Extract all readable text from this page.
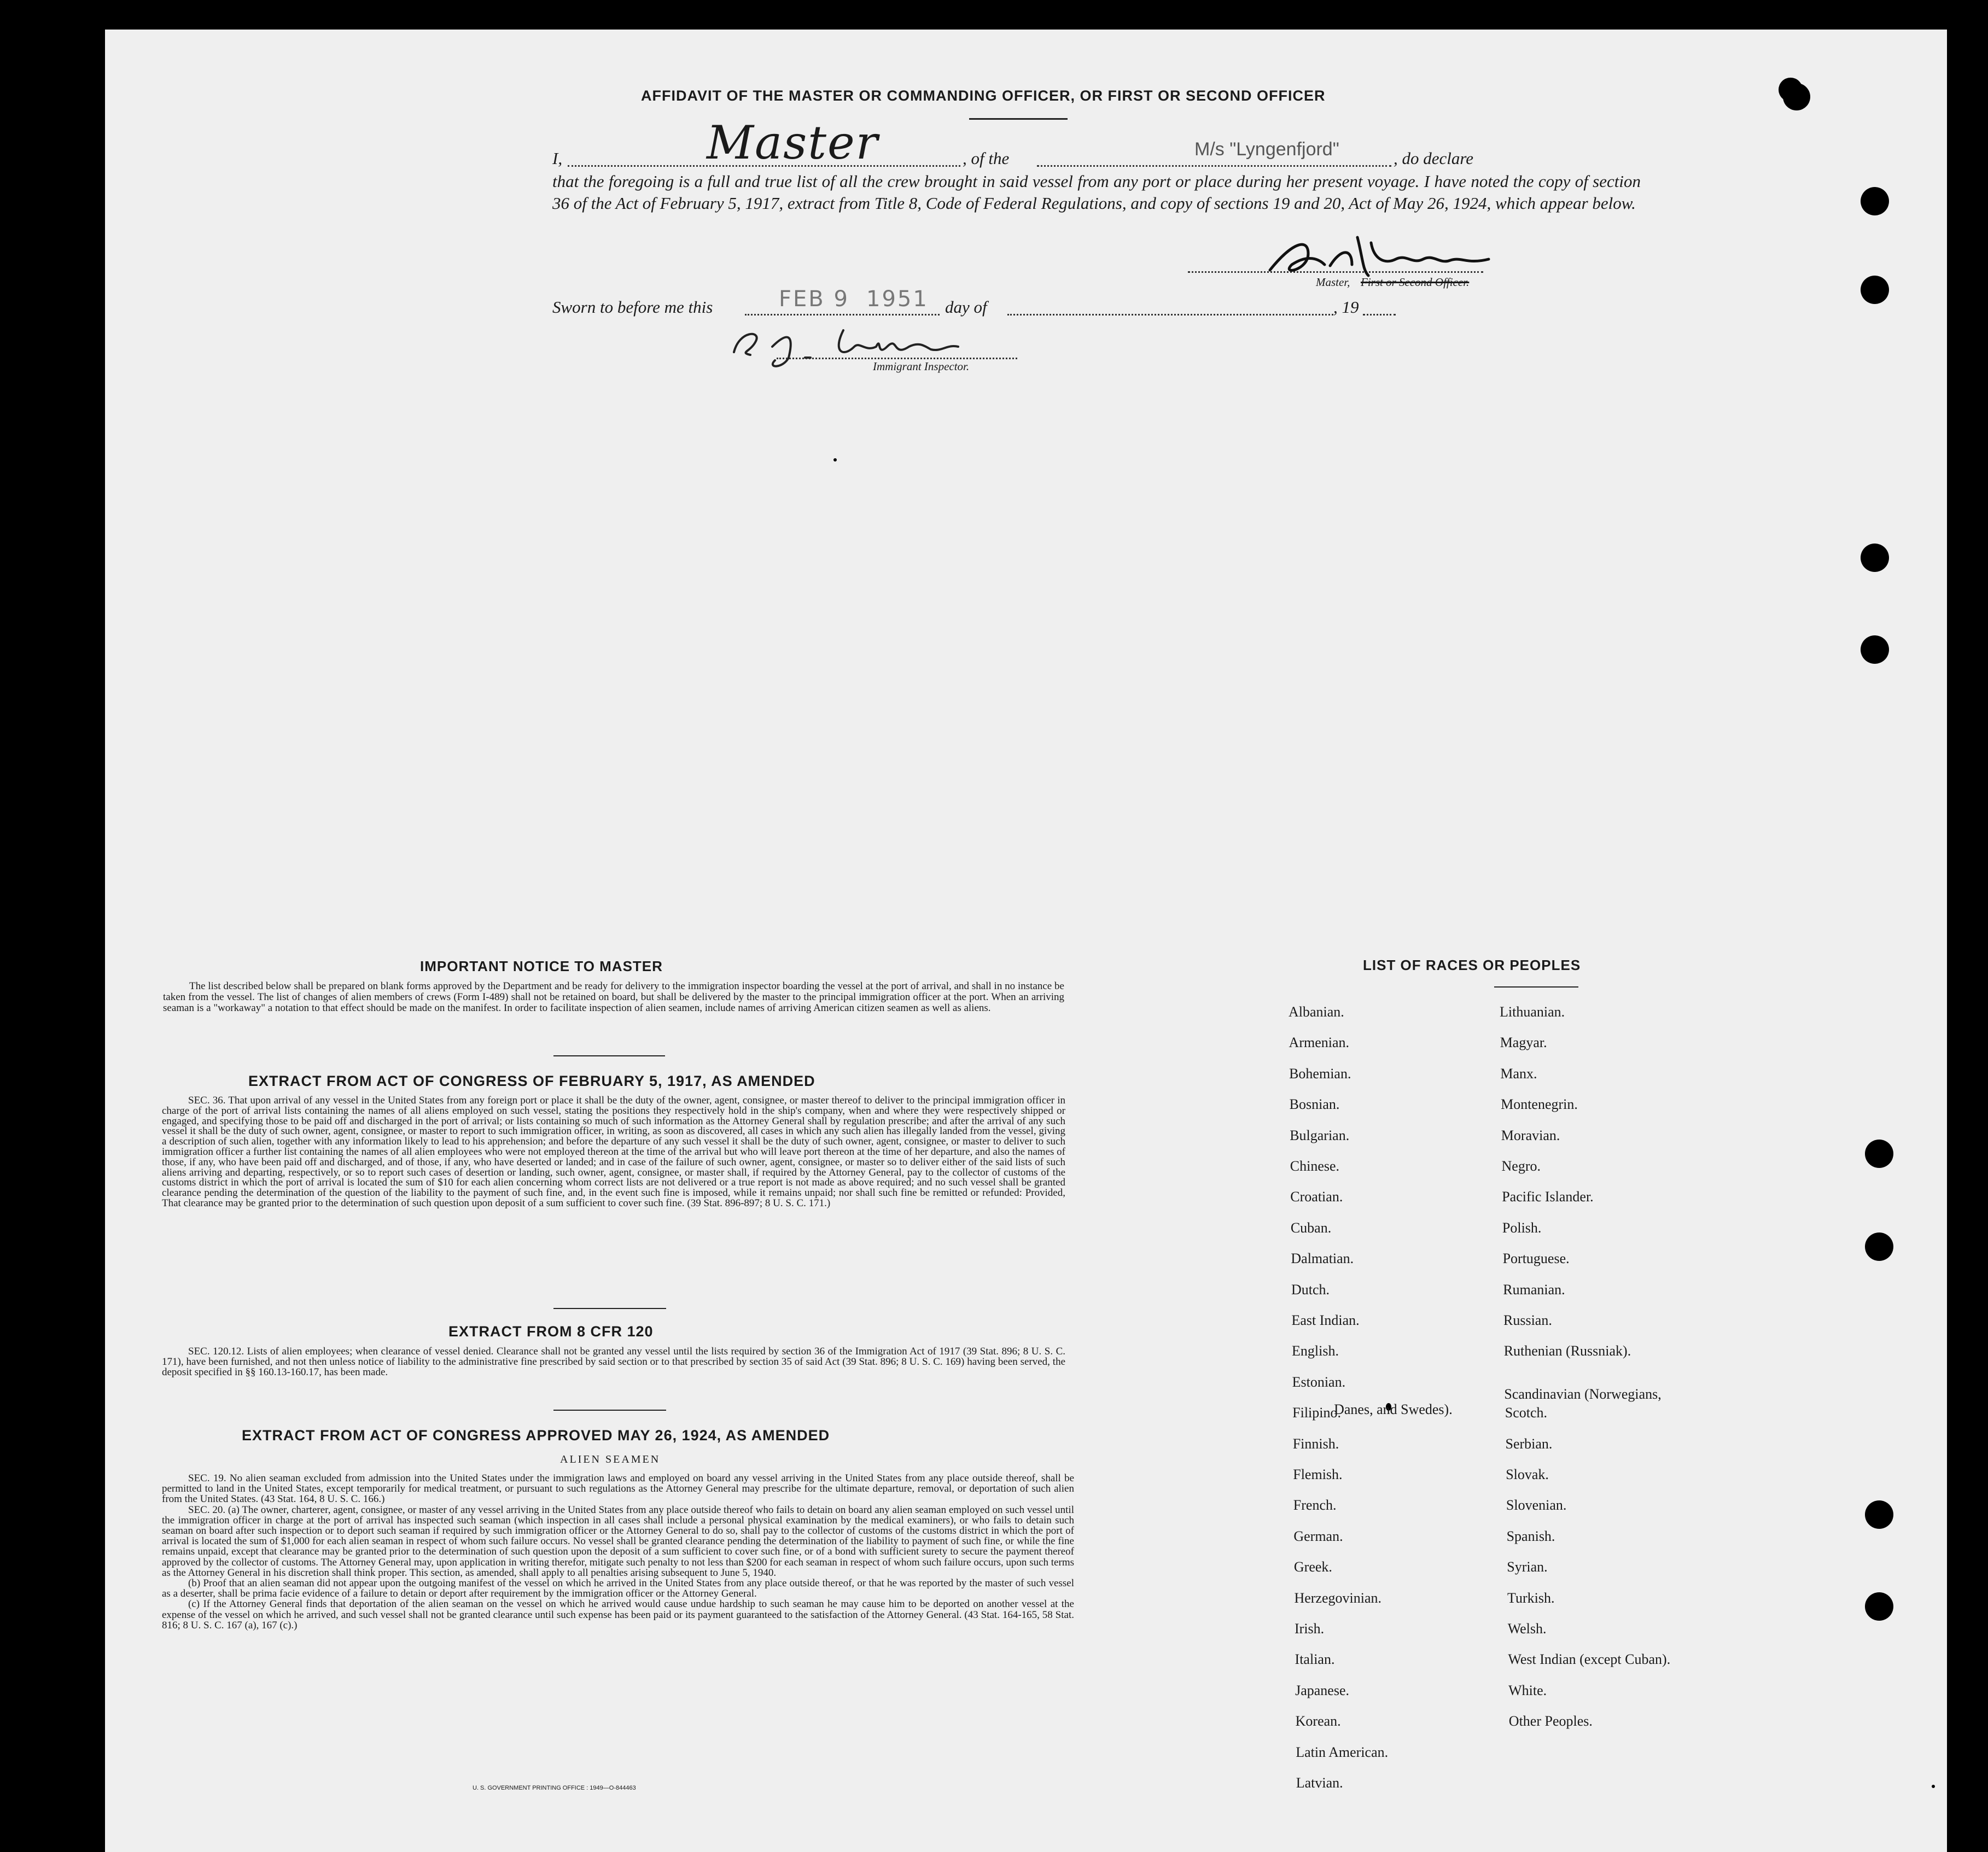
AFFIDAVIT OF THE MASTER OR COMMANDING OFFICER, OR FIRST OR SECOND OFFICER
I,	Master	, of the	M/s "Lyngenfjord"	, do declare

that the foregoing is a full and true list of all the crew brought in said vessel from any port or place during her present voyage. I have noted the copy of section 36 of the Act of February 5, 1917, extract from Title 8, Code of Federal Regulations, and copy of sections 19 and 20, Act of May 26, 1924, which appear below.

Master, First or Second Officer.
Sworn to before me this	FEB 9 1951 day of	, 19
Immigrant Inspector.
IMPORTANT NOTICE TO MASTER

The list described below shall be prepared on blank forms approved by the Department and be ready for delivery to the immigration inspector boarding the vessel at the port of arrival, and shall in no instance be taken from the vessel. The list of changes of alien members of crews (Form I-489) shall not be retained on board, but shall be delivered by the master to the principal immigration officer at the port. When an arriving seaman is a "workaway" a notation to that effect should be made on the manifest. In order to facilitate inspection of alien seamen, include names of arriving American citizen seamen as well as aliens.

EXTRACT FROM ACT OF CONGRESS OF FEBRUARY 5, 1917, AS AMENDED

SEC. 36. That upon arrival of any vessel in the United States from any foreign port or place it shall be the duty of the owner, agent, consignee, or master thereof to deliver to the principal immigration officer in charge of the port of arrival lists containing the names of all aliens employed on such vessel, stating the positions they respectively hold in the ship's company, when and where they were respectively shipped or engaged, and specifying those to be paid off and discharged in the port of arrival; or lists containing so much of such information as the Attorney General shall by regulation prescribe; and after the arrival of any such vessel it shall be the duty of such owner, agent, consignee, or master to report to such immigration officer, in writing, as soon as discovered, all cases in which any such alien has illegally landed from the vessel, giving a description of such alien, together with any information likely to lead to his apprehension; and before the departure of any such vessel it shall be the duty of such owner, agent, consignee, or master to deliver to such immigration officer a further list containing the names of all alien employees who were not employed thereon at the time of the arrival but who will leave port thereon at the time of her departure, and also the names of those, if any, who have been paid off and discharged, and of those, if any, who have deserted or landed; and in case of the failure of such owner, agent, consignee, or master so to deliver either of the said lists of such aliens arriving and departing, respectively, or so to report such cases of desertion or landing, such owner, agent, consignee, or master shall, if required by the Attorney General, pay to the collector of customs of the customs district in which the port of arrival is located the sum of $10 for each alien concerning whom correct lists are not delivered or a true report is not made as above required; and no such vessel shall be granted clearance pending the determination of the question of the liability to the payment of such fine, and, in the event such fine is imposed, while it remains unpaid; nor shall such fine be remitted or refunded: Provided, That clearance may be granted prior to the determination of such question upon deposit of a sum sufficient to cover such fine. (39 Stat. 896-897; 8 U. S. C. 171.)

EXTRACT FROM 8 CFR 120

SEC. 120.12. Lists of alien employees; when clearance of vessel denied. Clearance shall not be granted any vessel until the lists required by section 36 of the Immigration Act of 1917 (39 Stat. 896; 8 U. S. C. 171), have been furnished, and not then unless notice of liability to the administrative fine prescribed by said section or to that prescribed by section 35 of said Act (39 Stat. 896; 8 U. S. C. 169) having been served, the deposit specified in §§ 160.13-160.17, has been made.

EXTRACT FROM ACT OF CONGRESS APPROVED MAY 26, 1924, AS AMENDED
ALIEN SEAMEN

SEC. 19. No alien seaman excluded from admission into the United States under the immigration laws and employed on board any vessel arriving in the United States from any place outside thereof, shall be permitted to land in the United States, except temporarily for medical treatment, or pursuant to such regulations as the Attorney General may prescribe for the ultimate departure, removal, or deportation of such alien from the United States. (43 Stat. 164, 8 U. S. C. 166.)

SEC. 20. (a) The owner, charterer, agent, consignee, or master of any vessel arriving in the United States from any place outside thereof who fails to detain on board any alien seaman employed on such vessel until the immigration officer in charge at the port of arrival has inspected such seaman (which inspection in all cases shall include a personal physical examination by the medical examiners), or who fails to detain such seaman on board after such inspection or to deport such seaman if required by such immigration officer or the Attorney General to do so, shall pay to the collector of customs of the customs district in which the port of arrival is located the sum of $1,000 for each alien seaman in respect of whom such failure occurs. No vessel shall be granted clearance pending the determination of the liability to payment of such fine, or while the fine remains unpaid, except that clearance may be granted prior to the determination of such question upon the deposit of a sum sufficient to cover such fine, or of a bond with sufficient surety to secure the payment thereof approved by the collector of customs. The Attorney General may, upon application in writing therefor, mitigate such penalty to not less than $200 for each seaman in respect of whom such failure occurs, upon such terms as the Attorney General in his discretion shall think proper. This section, as amended, shall apply to all penalties arising subsequent to June 5, 1940.

(b) Proof that an alien seaman did not appear upon the outgoing manifest of the vessel on which he arrived in the United States from any place outside thereof, or that he was reported by the master of such vessel as a deserter, shall be prima facie evidence of a failure to detain or deport after requirement by the immigration officer or the Attorney General.

(c) If the Attorney General finds that deportation of the alien seaman on the vessel on which he arrived would cause undue hardship to such seaman he may cause him to be deported on another vessel at the expense of the vessel on which he arrived, and such vessel shall not be granted clearance until such expense has been paid or its payment guaranteed to the satisfaction of the Attorney General. (43 Stat. 164-165, 58 Stat. 816; 8 U. S. C. 167 (a), 167 (c).)

U. S. GOVERNMENT PRINTING OFFICE : 1949—O-844463
LIST OF RACES OR PEOPLES
Albanian.
Armenian.
Bohemian.
Bosnian.
Bulgarian.
Chinese.
Croatian.
Cuban.
Dalmatian.
Dutch.
East Indian.
English.
Estonian.
Filipino.
Finnish.
Flemish.
French.
German.
Greek.
Herzegovinian.
Irish.
Italian.
Japanese.
Korean.
Latin American.
Latvian.
Lithuanian.
Magyar.
Manx.
Montenegrin.
Moravian.
Negro.
Pacific Islander.
Polish.
Portuguese.
Rumanian.
Russian.
Ruthenian (Russniak).
Scandinavian (Norwegians,
Danes, and Swedes).	Scotch.
Serbian.
Slovak.
Slovenian.
Spanish.
Syrian.
Turkish.
Welsh.
West Indian (except Cuban).
White.
Other Peoples.
